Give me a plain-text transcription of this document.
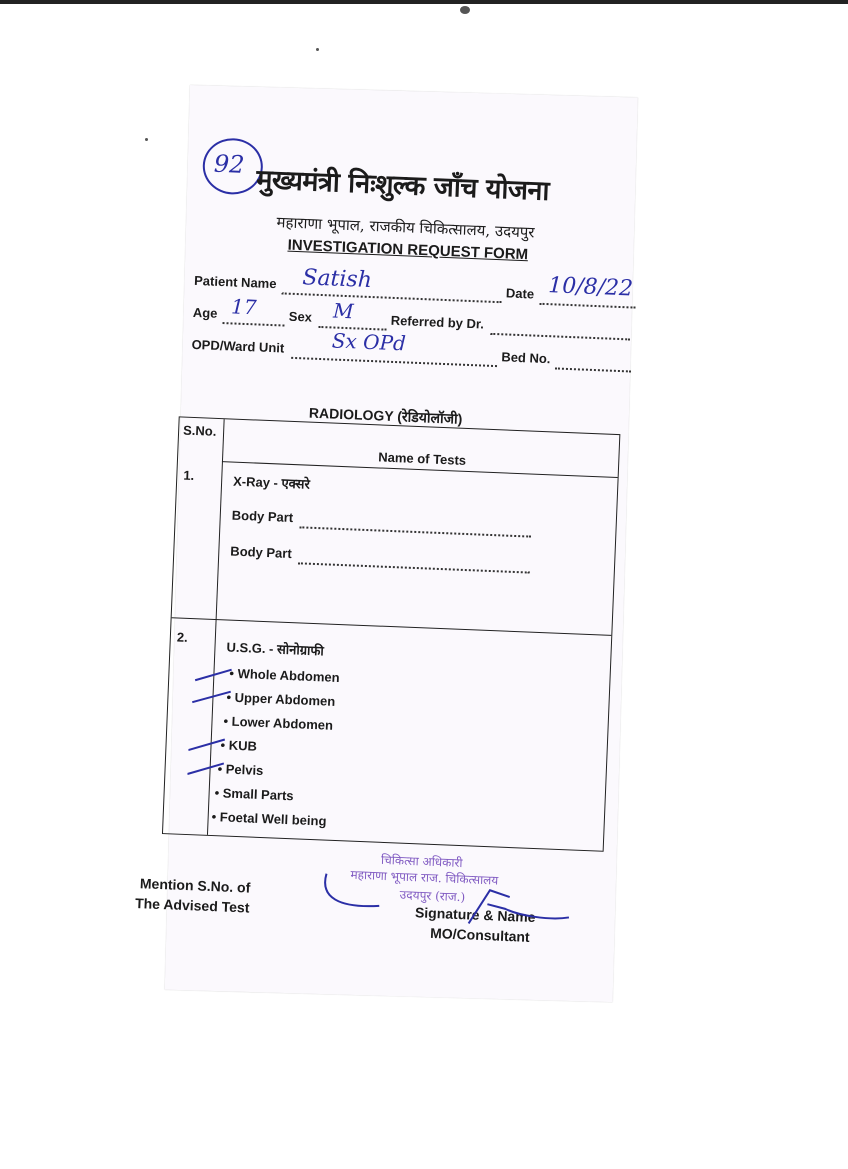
92
मुख्यमंत्री निःशुल्क जाँच योजना
महाराणा भूपाल, राजकीय चिकित्सालय, उदयपुर
INVESTIGATION REQUEST FORM
Patient Name Satish
Date 10/8/22
Age 17 Sex M	Referred by Dr.
OPD/Ward Unit Sx OPd
Bed No.
RADIOLOGY (रेडियोलॉजी)
S.No.
Name of Tests
1.	X-Ray - एक्सरे
Body Part
Body Part
2.
U.S.G. - सोनोग्राफी
• Whole Abdomen
• Upper Abdomen
• Lower Abdomen
• KUB
• Pelvis
• Small Parts
• Foetal Well being
Mention S.No. of
The Advised Test
चिकित्सा अधिकारी
महाराणा भूपाल राज. चिकित्सालय
उदयपुर (राज.)
Signature & Name
MO/Consultant
